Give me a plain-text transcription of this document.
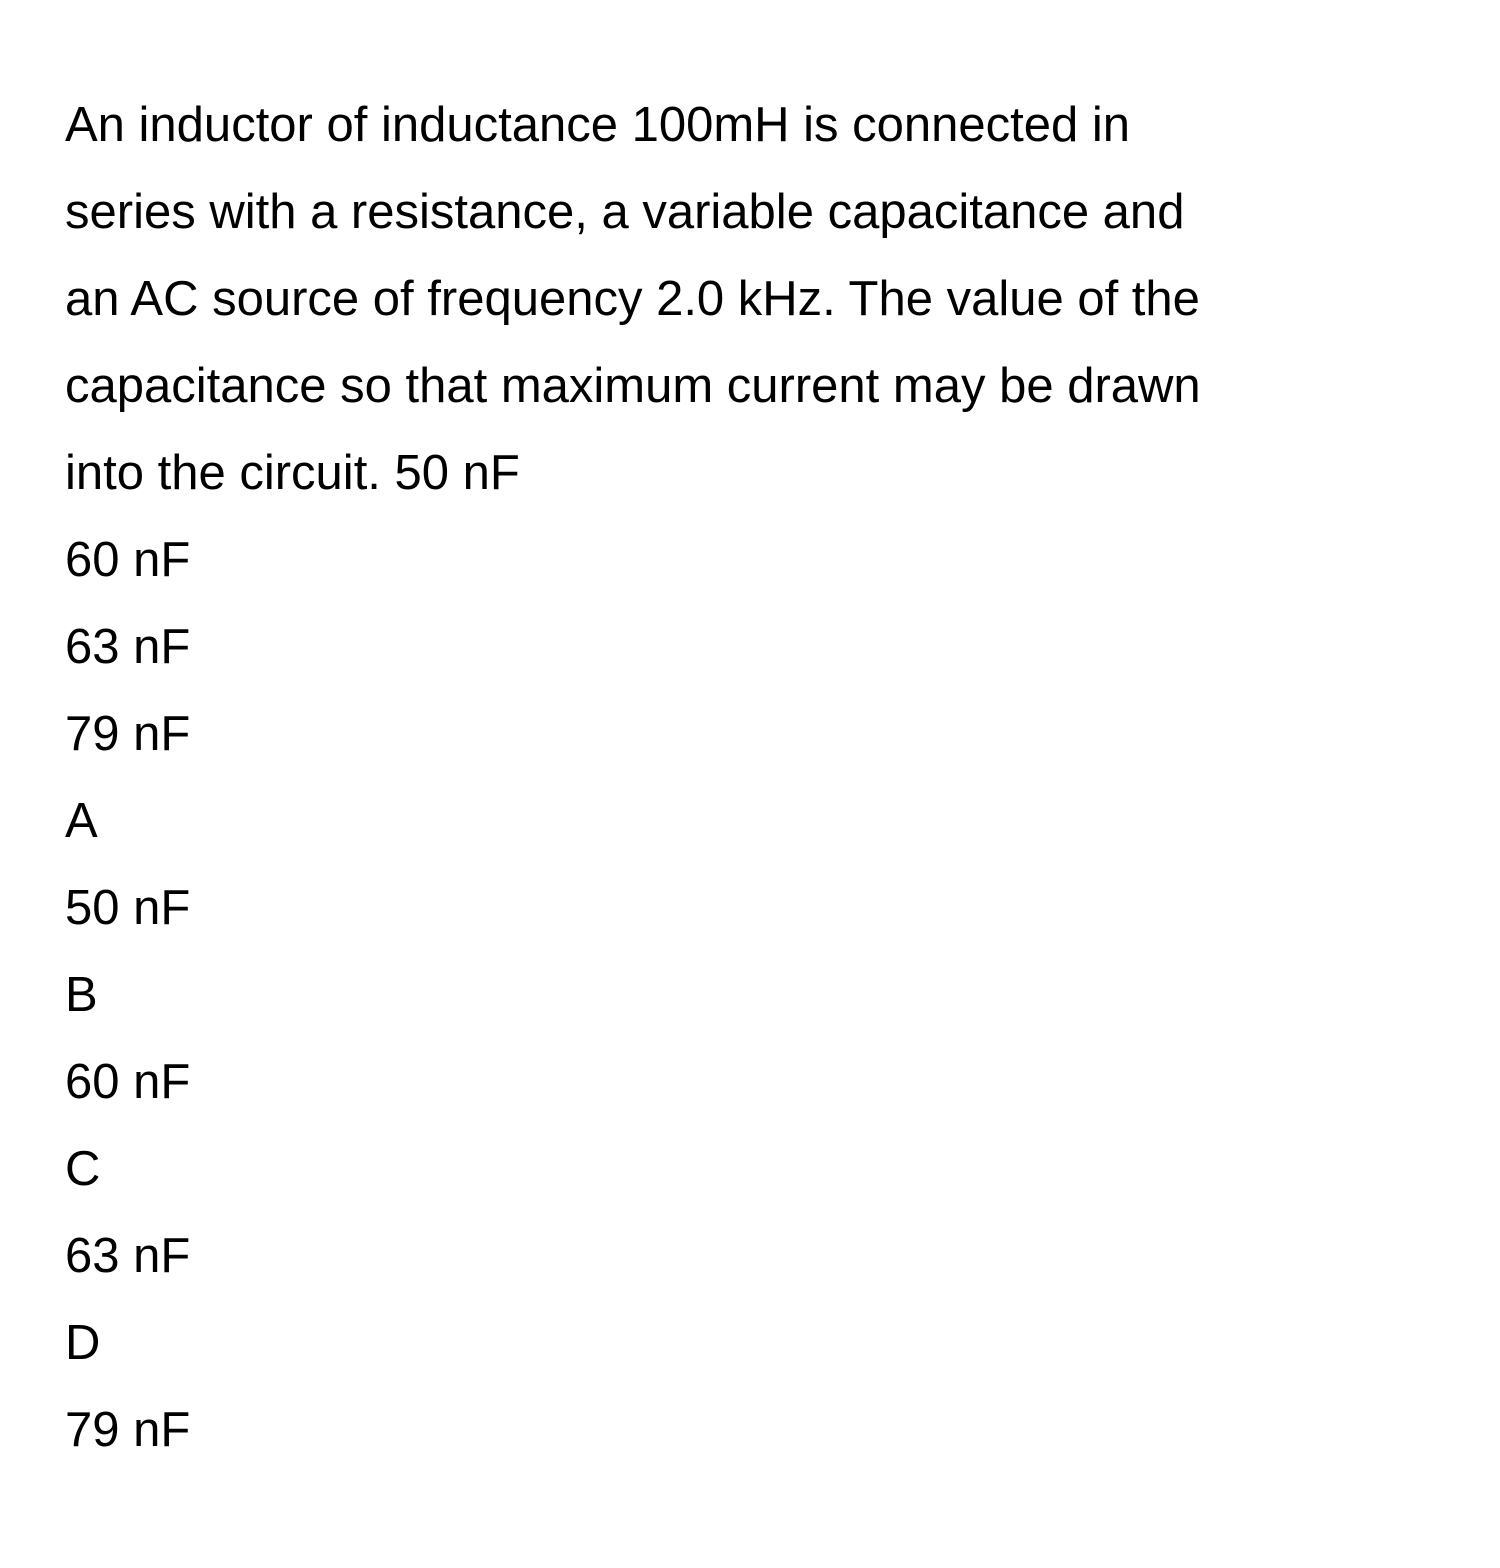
An inductor of inductance 100mH is connected in

series with a resistance, a variable capacitance and

an AC source of frequency 2.0 kHz. The value of the

capacitance so that maximum current may be drawn

into the circuit. 50 nF

60 nF

63 nF

79 nF

A

50 nF

B

60 nF

C

63 nF

D

79 nF
